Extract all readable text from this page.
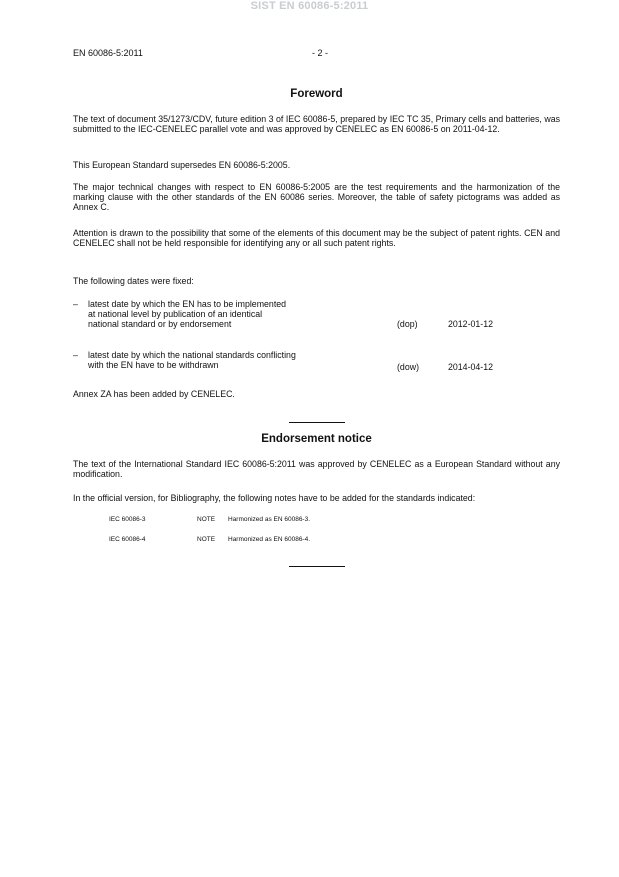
SIST EN 60086-5:2011
EN 60086-5:2011	- 2 -
Foreword
The text of document 35/1273/CDV, future edition 3 of IEC 60086-5, prepared by IEC TC 35, Primary cells and batteries, was submitted to the IEC-CENELEC parallel vote and was approved by CENELEC as EN 60086-5 on 2011-04-12.
This European Standard supersedes EN 60086-5:2005.
The major technical changes with respect to EN 60086-5:2005 are the test requirements and the harmonization of the marking clause with the other standards of the EN 60086 series. Moreover, the table of safety pictograms was added as Annex C.
Attention is drawn to the possibility that some of the elements of this document may be the subject of patent rights. CEN and CENELEC shall not be held responsible for identifying any or all such patent rights.
The following dates were fixed:
– latest date by which the EN has to be implemented
at national level by publication of an identical
national standard or by endorsement	(dop)	2012-01-12
– latest date by which the national standards conflicting
with the EN have to be withdrawn	(dow)	2014-04-12
Annex ZA has been added by CENELEC.
Endorsement notice
The text of the International Standard IEC 60086-5:2011 was approved by CENELEC as a European Standard without any modification.
In the official version, for Bibliography, the following notes have to be added for the standards indicated:
IEC 60086-3	NOTE Harmonized as EN 60086-3.
IEC 60086-4	NOTE Harmonized as EN 60086-4.
